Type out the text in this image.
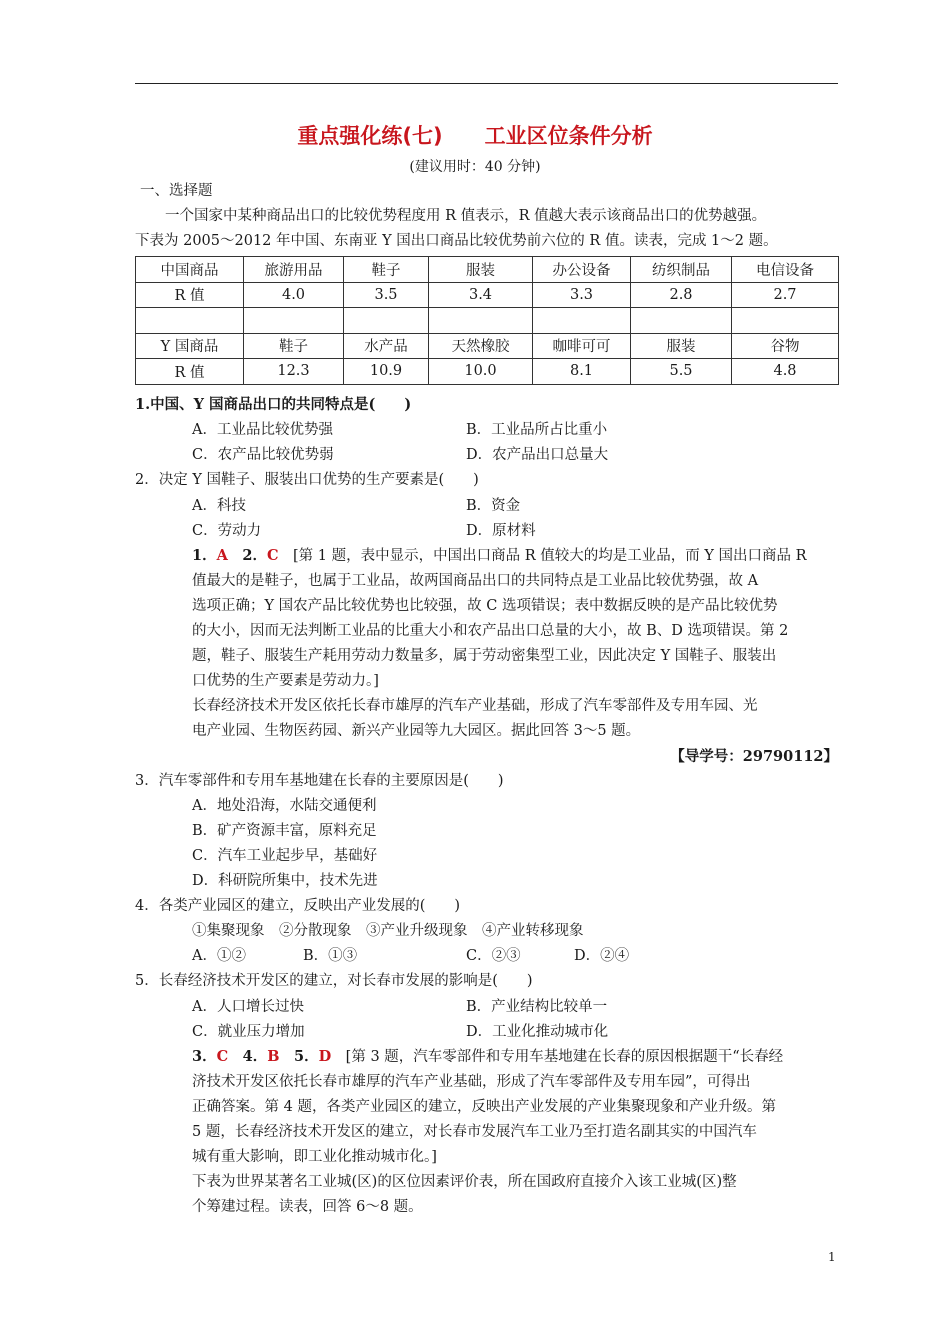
重点强化练(七)　　工业区位条件分析
(建议用时：40 分钟)
一、选择题
一个国家中某种商品出口的比较优势程度用 R 值表示，R 值越大表示该商品出口的优势越强。
下表为 2005～2012 年中国、东南亚 Y 国出口商品比较优势前六位的 R 值。读表，完成 1～2 题。
中国商品	旅游用品	鞋子	服装	办公设备	纺织制品	电信设备
R 值	4.0	3.5	3.4	3.3	2.8	2.7

Y 国商品	鞋子	水产品	天然橡胶	咖啡可可	服装	谷物
R 值	12.3	10.9	10.0	8.1	5.5	4.8
1.中国、Y 国商品出口的共同特点是(　　)
A．工业品比较优势强	B．工业品所占比重小
C．农产品比较优势弱	D．农产品出口总量大
2．决定 Y 国鞋子、服装出口优势的生产要素是(　　)
A．科技	B．资金
C．劳动力	D．原材料
1．A　2．C　[第 1 题，表中显示，中国出口商品 R 值较大的均是工业品，而 Y 国出口商品 R
值最大的是鞋子，也属于工业品，故两国商品出口的共同特点是工业品比较优势强，故 A
选项正确；Y 国农产品比较优势也比较强，故 C 选项错误；表中数据反映的是产品比较优势
的大小，因而无法判断工业品的比重大小和农产品出口总量的大小，故 B、D 选项错误。第 2
题，鞋子、服装生产耗用劳动力数量多，属于劳动密集型工业，因此决定 Y 国鞋子、服装出
口优势的生产要素是劳动力。]
长春经济技术开发区依托长春市雄厚的汽车产业基础，形成了汽车零部件及专用车园、光
电产业园、生物医药园、新兴产业园等九大园区。据此回答 3～5 题。
【导学号：29790112】
3．汽车零部件和专用车基地建在长春的主要原因是(　　)
A．地处沿海，水陆交通便利
B．矿产资源丰富，原料充足
C．汽车工业起步早，基础好
D．科研院所集中，技术先进
4．各类产业园区的建立，反映出产业发展的(　　)
①集聚现象　②分散现象　③产业升级现象　④产业转移现象
A．①②	B．①③	C．②③	D．②④
5．长春经济技术开发区的建立，对长春市发展的影响是(　　)
A．人口增长过快	B．产业结构比较单一
C．就业压力增加	D．工业化推动城市化
3．C　4．B　5．D　[第 3 题，汽车零部件和专用车基地建在长春的原因根据题干“长春经
济技术开发区依托长春市雄厚的汽车产业基础，形成了汽车零部件及专用车园”，可得出
正确答案。第 4 题，各类产业园区的建立，反映出产业发展的产业集聚现象和产业升级。第
5 题，长春经济技术开发区的建立，对长春市发展汽车工业乃至打造名副其实的中国汽车
城有重大影响，即工业化推动城市化。]
下表为世界某著名工业城(区)的区位因素评价表，所在国政府直接介入该工业城(区)整
个筹建过程。读表，回答 6～8 题。
1
